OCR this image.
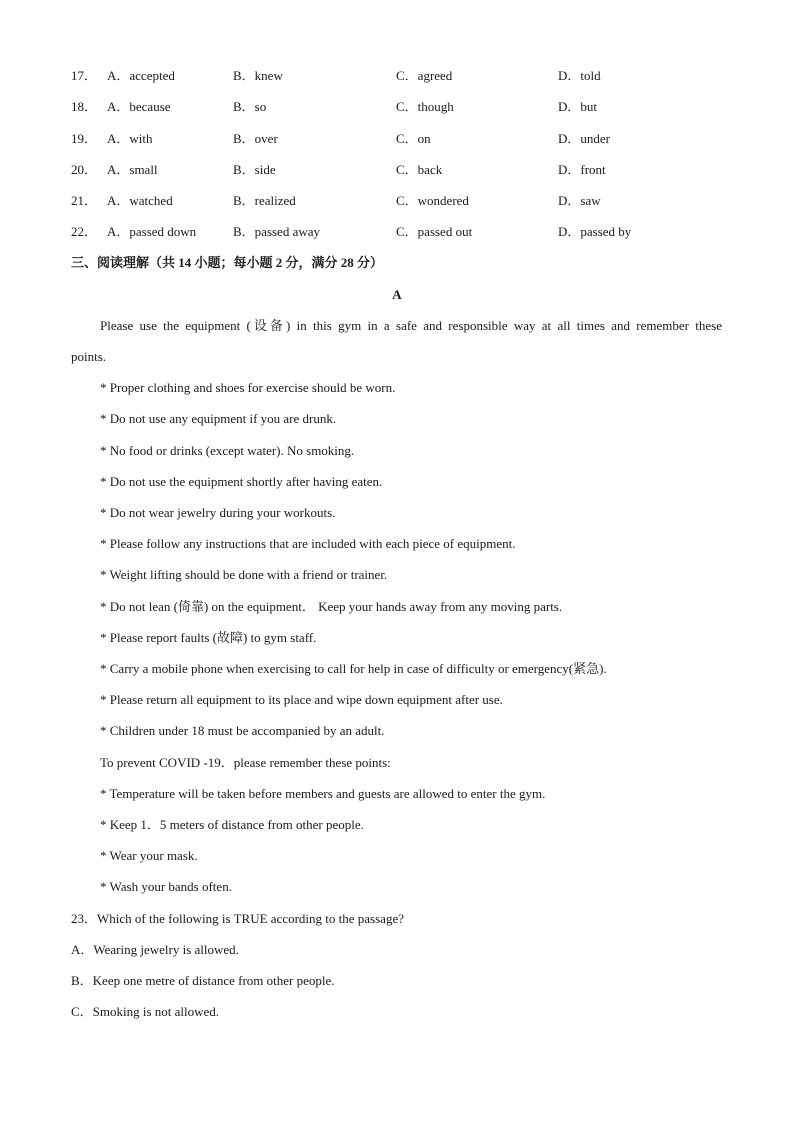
17． A．accepted	B．knew	C．agreed	D．told
18． A．because	B．so	C．though	D．but
19． A．with	B．over	C．on	D．under
20． A．small	B．side	C．back	D．front
21． A．watched	B．realized	C．wondered	D．saw
22． A．passed down	B．passed away	C．passed out	D．passed by
三、阅读理解（共 14 小题；每小题 2 分，满分 28 分）
A
Please use the equipment (设备) in this gym in a safe and responsible way at all times and remember these
points.
* Proper clothing and shoes for exercise should be worn.
* Do not use any equipment if you are drunk.
* No food or drinks (except water). No smoking.
* Do not use the equipment shortly after having eaten.
* Do not wear jewelry during your workouts.
* Please follow any instructions that are included with each piece of equipment.
* Weight lifting should be done with a friend or trainer.
* Do not lean (倚靠) on the equipment． Keep your hands away from any moving parts.
* Please report faults (故障) to gym staff.
* Carry a mobile phone when exercising to call for help in case of difficulty or emergency(紧急).
* Please return all equipment to its place and wipe down equipment after use.
* Children under 18 must be accompanied by an adult.
To prevent COVID -19．please remember these points:
* Temperature will be taken before members and guests are allowed to enter the gym.
* Keep 1．5 meters of distance from other people.
* Wear your mask.
* Wash your bands often.
23．Which of the following is TRUE according to the passage?
A．Wearing jewelry is allowed.
B．Keep one metre of distance from other people.
C．Smoking is not allowed.
